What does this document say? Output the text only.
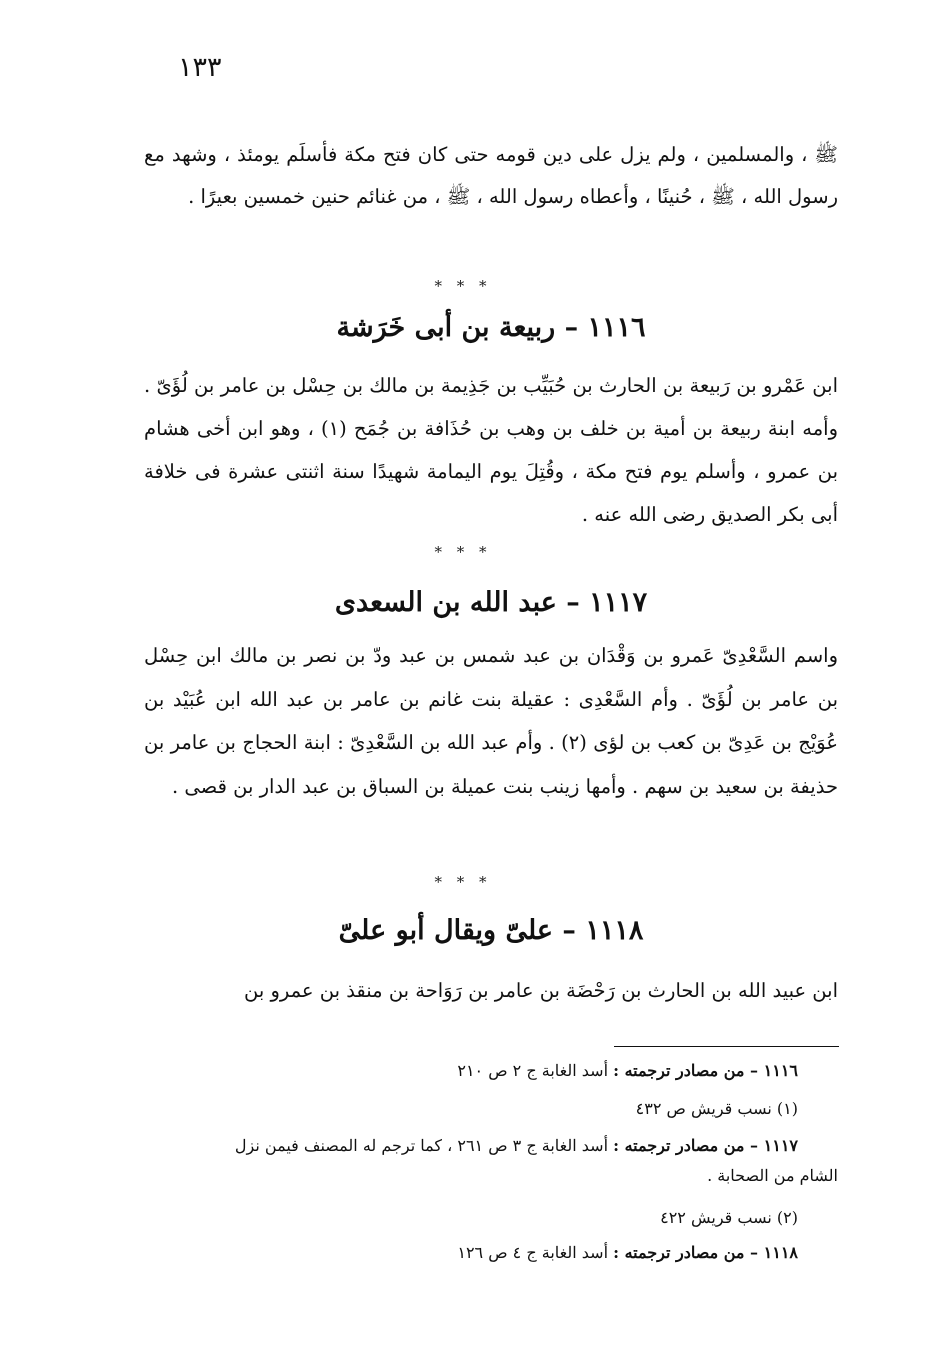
١٣٣

ﷺ ، والمسلمين ، ولم يزل على دين قومه حتى كان فتح مكة فأسلَم يومئذ ، وشهد مع رسول الله ، ﷺ ، حُنينًا ، وأعطاه رسول الله ، ﷺ ، من غنائم حنين خمسين بعيرًا .

* * *
١١١٦ – ربيعة بن أبى خَرَشة

ابن عَمْرو بن رَبيعة بن الحارث بن حُبَيِّب بن جَذِيمة بن مالك بن حِسْل بن عامر بن لُؤَىّ . وأمه ابنة ربيعة بن أمية بن خلف بن وهب بن حُذَافة بن جُمَح (١) ، وهو ابن أخى هشام بن عمرو ، وأسلم يوم فتح مكة ، وقُتِلَ يوم اليمامة شهيدًا سنة اثنتى عشرة فى خلافة أبى بكر الصديق رضى الله عنه .

* * *
١١١٧ – عبد الله بن السعدى

واسم السَّعْدِىّ عَمرو بن وَقْدَان بن عبد شمس بن عبد ودّ بن نصر بن مالك ابن حِسْل بن عامر بن لُؤَىّ . وأم السَّعْدِى : عقيلة بنت غانم بن عامر بن عبد الله ابن عُبَيْد بن عُوَيْج بن عَدِىّ بن كعب بن لؤى (٢) . وأم عبد الله بن السَّعْدِىّ : ابنة الحجاج بن عامر بن حذيفة بن سعيد بن سهم . وأمها زينب بنت عميلة بن السباق بن عبد الدار بن قصى .

* * *
١١١٨ – علىّ ويقال أبو علىّ

ابن عبيد الله بن الحارث بن رَحْضَة بن عامر بن رَوَاحة بن منقذ بن عمرو بن

١١١٦ – من مصادر ترجمته : أسد الغابة ج ٢ ص ٢١٠
(١) نسب قريش ص ٤٣٢
١١١٧ – من مصادر ترجمته : أسد الغابة ج ٣ ص ٢٦١ ، كما ترجم له المصنف فيمن نزل
الشام من الصحابة .
(٢) نسب قريش ٤٢٢
١١١٨ – من مصادر ترجمته : أسد الغابة ج ٤ ص ١٢٦
